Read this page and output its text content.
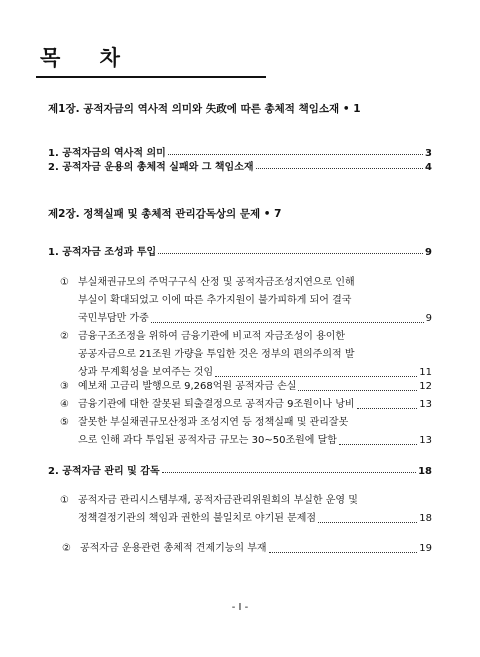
목 차
제1장. 공적자금의 역사적 의미와 失政에 따른 총체적 책임소재 • 1
1. 공적자금의 역사적 의미	3
2. 공적자금 운용의 총체적 실패와 그 책임소재	4
제2장. 정책실패 및 총체적 관리감독상의 문제 • 7
1. 공적자금 조성과 투입	9
① 부실채권규모의 주먹구구식 산정 및 공적자금조성지연으로 인해
부실이 확대되었고 이에 따른 추가지원이 불가피하게 되어 결국
국민부담만 가중	9
② 금융구조조정을 위하여 금융기관에 비교적 자금조성이 용이한
공공자금으로 21조원 가량을 투입한 것은 정부의 편의주의적 발
상과 무계획성을 보여주는 것임	11
③ 예보채 고금리 발행으로 9,268억원 공적자금 손실	12
④ 금융기관에 대한 잘못된 퇴출결정으로 공적자금 9조원이나 낭비	13
⑤ 잘못한 부실채권규모산정과 조성지연 등 정책실패 및 관리잘못
으로 인해 과다 투입된 공적자금 규모는 30~50조원에 달함	13
2. 공적자금 관리 및 감독	18
① 공적자금 관리시스템부재, 공적자금관리위원회의 부실한 운영 및
정책결정기관의 책임과 권한의 불일치로 야기된 문제점	18
② 공적자금 운용관련 총체적 견제기능의 부재	19
- I -
